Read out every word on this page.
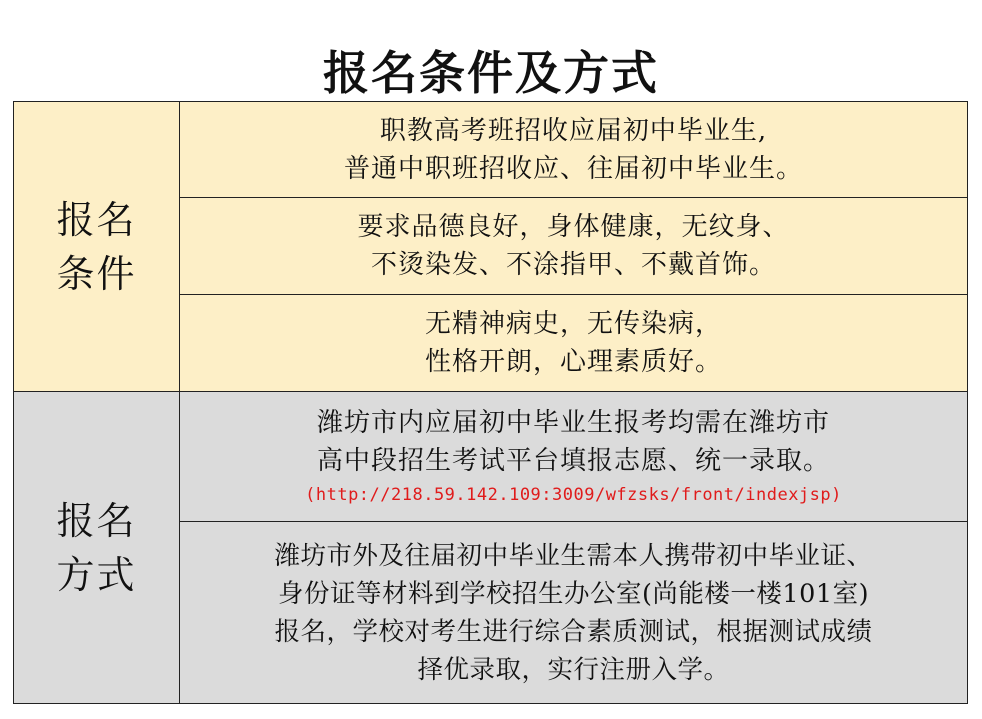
报名条件及方式
报名
条件	职教高考班招收应届初中毕业生,
普通中职班招收应、往届初中毕业生。

	要求品德良好，身体健康，无纹身、
不烫染发、不涂指甲、不戴首饰。

	无精神病史，无传染病，
性格开朗，心理素质好。

报名
方式	潍坊市内应届初中毕业生报考均需在潍坊市
高中段招生考试平台填报志愿、统一录取。
(http://218.59.142.109:3009/wfzsks/front/indexjsp)

	潍坊市外及往届初中毕业生需本人携带初中毕业证、
身份证等材料到学校招生办公室(尚能楼一楼101室)
报名，学校对考生进行综合素质测试，根据测试成绩
择优录取，实行注册入学。
